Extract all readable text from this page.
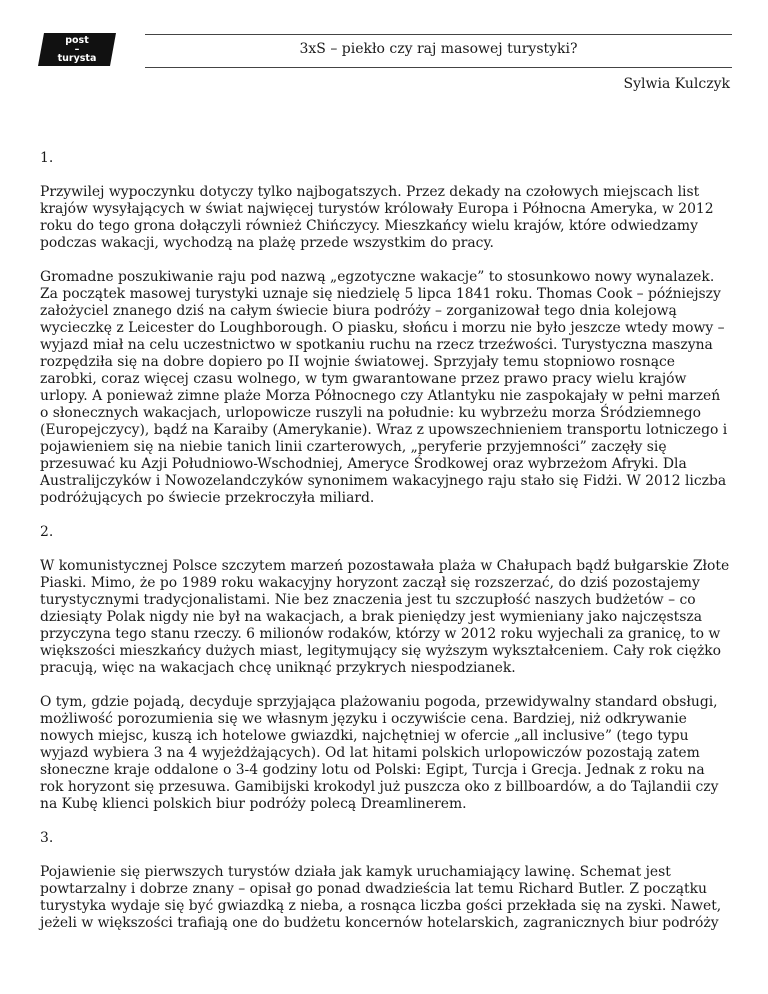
post
–
turysta
3xS – piekło czy raj masowej turystyki?
Sylwia Kulczyk

1.

Przywilej wypoczynku dotyczy tylko najbogatszych. Przez dekady na czołowych miejscach list krajów wysyłających w świat najwięcej turystów królowały Europa i Północna Ameryka, w 2012 roku do tego grona dołączyli również Chińczycy. Mieszkańcy wielu krajów, które odwiedzamy podczas wakacji, wychodzą na plażę przede wszystkim do pracy.

Gromadne poszukiwanie raju pod nazwą „egzotyczne wakacje” to stosunkowo nowy wynalazek. Za początek masowej turystyki uznaje się niedzielę 5 lipca 1841 roku. Thomas Cook – późniejszy założyciel znanego dziś na całym świecie biura podróży – zorganizował tego dnia kolejową wycieczkę z Leicester do Loughborough. O piasku, słońcu i morzu nie było jeszcze wtedy mowy – wyjazd miał na celu uczestnictwo w spotkaniu ruchu na rzecz trzeźwości. Turystyczna maszyna rozpędziła się na dobre dopiero po II wojnie światowej. Sprzyjały temu stopniowo rosnące zarobki, coraz więcej czasu wolnego, w tym gwarantowane przez prawo pracy wielu krajów urlopy. A ponieważ zimne plaże Morza Północnego czy Atlantyku nie zaspokajały w pełni marzeń o słonecznych wakacjach, urlopowicze ruszyli na południe: ku wybrzeżu morza Śródziemnego (Europejczycy), bądź na Karaiby (Amerykanie). Wraz z upowszechnieniem transportu lotniczego i pojawieniem się na niebie tanich linii czarterowych, „peryferie przyjemności” zaczęły się przesuwać ku Azji Południowo-Wschodniej, Ameryce Środkowej oraz wybrzeżom Afryki. Dla Australijczyków i Nowozelandczyków synonimem wakacyjnego raju stało się Fidżi. W 2012 liczba podróżujących po świecie przekroczyła miliard.

2.

W komunistycznej Polsce szczytem marzeń pozostawała plaża w Chałupach bądź bułgarskie Złote Piaski. Mimo, że po 1989 roku wakacyjny horyzont zaczął się rozszerzać, do dziś pozostajemy turystycznymi tradycjonalistami. Nie bez znaczenia jest tu szczupłość naszych budżetów – co dziesiąty Polak nigdy nie był na wakacjach, a brak pieniędzy jest wymieniany jako najczęstsza przyczyna tego stanu rzeczy. 6 milionów rodaków, którzy w 2012 roku wyjechali za granicę, to w większości mieszkańcy dużych miast, legitymujący się wyższym wykształceniem. Cały rok ciężko pracują, więc na wakacjach chcę uniknąć przykrych niespodzianek.

O tym, gdzie pojadą, decyduje sprzyjająca plażowaniu pogoda, przewidywalny standard obsługi, możliwość porozumienia się we własnym języku i oczywiście cena. Bardziej, niż odkrywanie nowych miejsc, kuszą ich hotelowe gwiazdki, najchętniej w ofercie „all inclusive” (tego typu wyjazd wybiera 3 na 4 wyjeżdżających). Od lat hitami polskich urlopowiczów pozostają zatem słoneczne kraje oddalone o 3-4 godziny lotu od Polski: Egipt, Turcja i Grecja. Jednak z roku na rok horyzont się przesuwa. Gamibijski krokodyl już puszcza oko z billboardów, a do Tajlandii czy na Kubę klienci polskich biur podróży polecą Dreamlinerem.

3.

Pojawienie się pierwszych turystów działa jak kamyk uruchamiający lawinę. Schemat jest powtarzalny i dobrze znany – opisał go ponad dwadzieścia lat temu Richard Butler. Z początku turystyka wydaje się być gwiazdką z nieba, a rosnąca liczba gości przekłada się na zyski. Nawet, jeżeli w większości trafiają one do budżetu koncernów hotelarskich, zagranicznych biur podróży
